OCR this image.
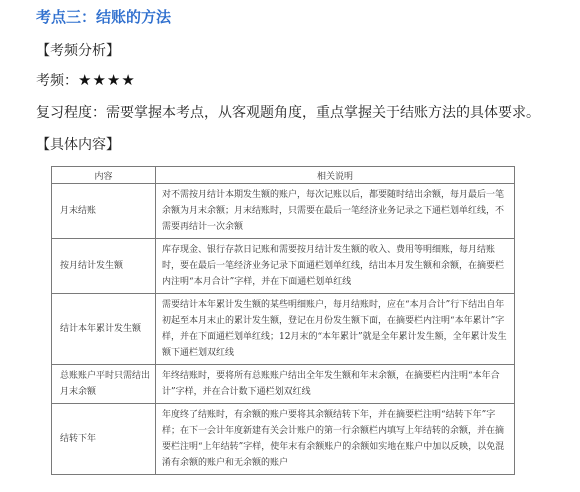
考点三：结账的方法
【考频分析】
考频：★★★★
复习程度：需要掌握本考点，从客观题角度，重点掌握关于结账方法的具体要求。
【具体内容】
内容	相关说明
月末结账	对不需按月结计本期发生额的账户，每次记账以后，都要随时结出余额，每月最后一笔余额为月末余额；月末结账时，只需要在最后一笔经济业务记录之下通栏划单红线，不需要再结计一次余额
按月结计发生额	库存现金、银行存款日记账和需要按月结计发生额的收入、费用等明细账，每月结账时，要在最后一笔经济业务记录下面通栏划单红线，结出本月发生额和余额，在摘要栏内注明“本月合计”字样，并在下面通栏划单红线
结计本年累计发生额	需要结计本年累计发生额的某些明细账户，每月结账时，应在“本月合计”行下结出自年初起至本月末止的累计发生额，登记在月份发生额下面，在摘要栏内注明“本年累计”字样，并在下面通栏划单红线；12月末的“本年累计”就是全年累计发生额，全年累计发生额下通栏划双红线
总账账户平时只需结出月末余额	年终结账时，要将所有总账账户结出全年发生额和年末余额，在摘要栏内注明“本年合计”字样，并在合计数下通栏划双红线
结转下年	年度终了结账时，有余额的账户要将其余额结转下年，并在摘要栏注明“结转下年”字样；在下一会计年度新建有关会计账户的第一行余额栏内填写上年结转的余额，并在摘要栏注明“上年结转”字样，使年末有余额账户的余额如实地在账户中加以反映，以免混淆有余额的账户和无余额的账户
